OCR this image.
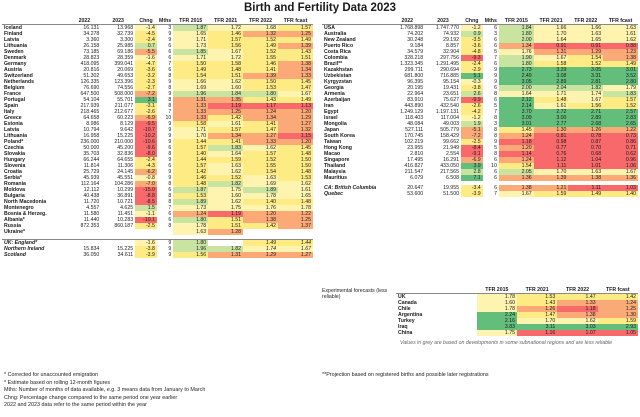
Birth and Fertility Data 2023
	2022	2023	Chng	Mths	TFR 2015	TFR 2021	TFR 2022	TFR fcast
Iceland	16.131	13.968	-1.4	3	1.87	1.72	1.68	1.57
Finland	34.278	32.739	-4.5	9	1.65	1.46	1.32	1.25
Latvia	3.360	3.300	-2.4	9	1.71	1.57	1.52	1.49
Lithuania	26.158	25.985	0.7	6	1.73	1.56	1.49	1.39
Sweden	73.185	69.186	-5.5	6	1.85	1.67	1.52	1.43
Denmark	28.823	28.359	-1.6	6	1.71	1.72	1.55	1.51
Germany	418.095	399.041	-4.7	7	1.50	1.58	1.46	1.38
Austria	20.816	20.069	-3.6	6	1.49	1.48	1.41	1.34
Switzerland	51.302	49.653	-3.2	8	1.54	1.51	1.39	1.33
Netherlands	126.335	123.396	-2.3	9	1.66	1.62	1.50	1.45
Belgium	76.690	74.556	-2.7	8	1.69	1.60	1.53	1.47
France	647.500	508.000	-7.2	9	1.96	1.84	1.80	1.67
Portugal	54.104	55.701	3.1	8	1.31	1.35	1.43	1.49
Spain	217.939	211.077	-3.1	8	1.33	1.19	1.17	1.13
Italy	218.465	212.677	-2.6	7	1.33	1.25	1.24	1.20
Greece	64.658	60.223	-6.9	10	1.33	1.42	1.34	1.29
Estonia	8.986	8.129	-9.5	9	1.58	1.61	1.41	1.27
Latvia	10.794	9.642	-10.7	9	1.71	1.57	1.47	1.32
Lithuania	16.958	15.225	-10.2	9	1.70	1.34	1.27	1.15
Poland*	236.000	210.000	-10.6	9	1.44	1.41	1.33	1.20
Czechia	50.000	45.200	-9.6	6	1.57	1.83	1.62	1.45
Slovakia	35.703	32.836	-8.0	8	1.40	1.64	1.57	1.48
Hungary	66.244	64.655	-2.4	9	1.44	1.59	1.52	1.50
Slovenia	11.814	11.306	-4.3	6	1.57	1.63	1.55	1.50
Croatia	25.729	24.145	-6.2	9	1.42	1.62	1.54	1.48
Serbia*	45.939	45.551	-0.8	9	1.46	1.52	1.63	1.53
Romania	112.164	104.286	-7.0	8	1.48	1.82	1.69	1.62
Moldova	12.112	10.299	-15.0	6	1.87	1.75	1.89	1.61
Bulgaria	40.438	36.891	-8.8	8	1.53	1.60	1.78	1.65
North Macedonia	11.720	10.721	-8.5	8	1.89	1.62	1.40	1.48
Montenegro	4.557	4.625	1.5	7	1.73	1.75	1.76	1.78
Bosnia & Herzeg.	11.580	11.451	-1.1	6	1.24	1.19	1.20	1.22
Albania*	11.440	10.283	-10.1	6	1.80	1.51	1.38	1.25
Russia	872.353	860.187	-2.5	8	1.78	1.51	1.42	1.37
Ukraine*					1.63	1.28		

UK: England*			-1.6	9	1.80		1.49	1.44
Northern Ireland	15.834	15.225	-3.8	9	1.96	1.82	1.74	1.67
Scotland	36.050	34.611	-3.9	9	1.56	1.31	1.29	1.27
	2022	2023	Chng	Mths	TFR 2015	TFR 2021	TFR 2022	TFR fcast
USA	1.768.898	1.747.770	-1.2	6	1.84	1.66	1.66	1.63
Australia	74.202	74.932	0.9	3	1.80	1.70	1.63	1.61
New Zealand	30.248	29.192	-3.5	6	2.00	1.64	1.65	1.62
Puerto Rico	9.184	8.857	-3.6	6	1.34	0.91	0.91	0.88
Costa Rica	34.579	32.904	-4.8	5	1.76	1.31	1.29	1.23
Colombia	328.218	297.756	-9.3	7	1.90	1.67	1.54	1.38
Brazil**	1.323.345	1.291.495	-2.4	6	1.80	1.58	1.52	1.49
Kazakhstan	299.711	290.694	-2.9	9	2.73	3.29	3.05	3.01
Uzbekistan	681.800	716.885	5.1	9	2.49	3.08	3.31	3.52
Kyrgyzstan	96.395	95.154	-0.3	9	3.05	2.89	2.81	2.80
Georgia	20.195	19.431	-3.8	6	2.00	2.04	1.82	1.79
Armenia	22.964	23.651	2.6	8	1.64	1.71	1.74	1.83
Azerbaijan	83.910	75.627	-9.9	6	2.12	1.48	1.67	1.57
Iran	443.890	432.540	-2.6	5	2.14	1.61	1.56	1.52
Egypt	1.249.129	1.197.131	-4.2	7	3.70	2.72	2.71	2.57
Israel	118.403	117.004	-1.2	8	3.09	3.00	2.89	2.83
Mongolia	48.084	49.003	1.9	3	3.01	2.77	2.68	2.65
Japan	527.111	505.779	-5.1	8	1.45	1.30	1.26	1.22
South Korea	170.745	158.429	-7.2	8	1.24	0.81	0.78	0.73
Taiwan	102.219	99.662	-2.5	9	1.18	0.98	0.87	0.86
Hong Kong	23.955	21.949	-8.4	5	1.20	0.77	0.70	0.71
Macao	2.810	2.554	-9.1	8	1.14	0.76	0.68	0.62
Singapore	17.495	16.291	-6.9	6	1.24	1.12	1.04	0.96
Thailand	416.827	433.050	3.9	10	1.54	1.11	1.01	1.06
Malaysia	211.547	217.565	2.8	6	2.05	1.70	1.63	1.67
Mauritius	6.079	6.508	7.1	6	1.36	1.39	1.38	1.36

CA: British Columbia	20.647	19.955	-3.4	6	1.38	1.21	1.11	1.03
Quebec	53.600	51.500	-3.9	7	1.67	1.59	1.49	1.40
Experimental forecasts (less reliable)
	TFR 2015	TFR 2021	TFR 2022	TFR fcast
UK	1.78	1.53	1.47	1.42
Canada	1.60	1.43	1.33	1.24
Chile	1.78	1.26	1.18	1.25
Argentina	2.24	1.47	1.38	1.30
Turkey	2.16	1.70	1.62	1.59
Iraq	3.83	3.11	3.03	2.93
China	1.75	1.16	1.07	1.05
Values in grey are based on developments in some subnational regions and are less reliable
* Corrected for unaccounted emigration
* Estimate based on rolling 12-month figures
Mths: Number of months of data available, e.g. 3 means data from January to March
Chng: Percentage change compared to the same period one year earlier
2022 and 2023 data refer to the same period within the year
**Projection based on registered births and possible later registrations
